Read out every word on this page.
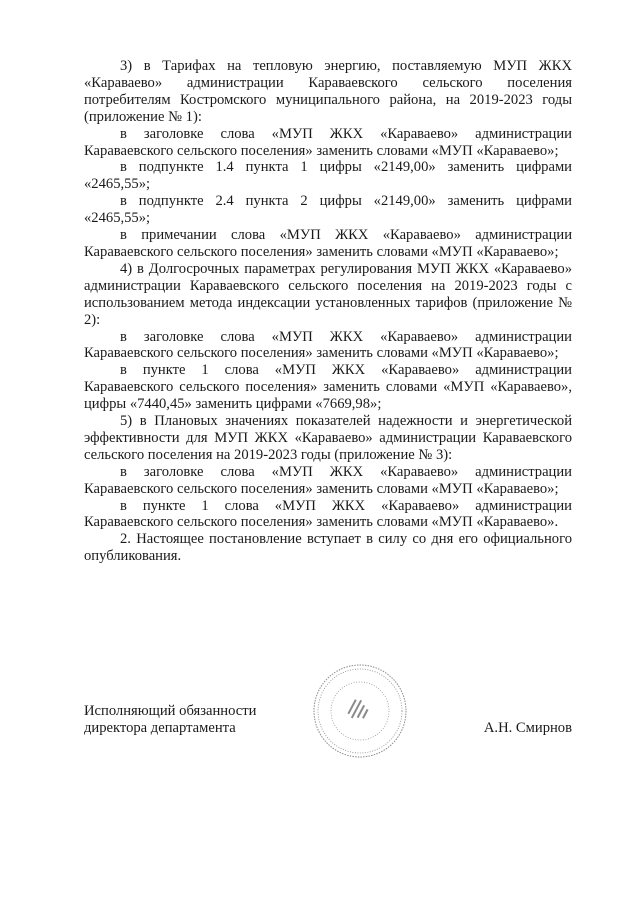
3) в Тарифах на тепловую энергию, поставляемую МУП ЖКХ «Караваево» администрации Караваевского сельского поселения потребителям Костромского муниципального района, на 2019-2023 годы (приложение № 1):

в заголовке слова «МУП ЖКХ «Караваево» администрации Караваевского сельского поселения» заменить словами «МУП «Караваево»;

в подпункте 1.4 пункта 1 цифры «2149,00» заменить цифрами «2465,55»;

в подпункте 2.4 пункта 2 цифры «2149,00» заменить цифрами «2465,55»;

в примечании слова «МУП ЖКХ «Караваево» администрации Караваевского сельского поселения» заменить словами «МУП «Караваево»;

4) в Долгосрочных параметрах регулирования МУП ЖКХ «Караваево» администрации Караваевского сельского поселения на 2019-2023 годы с использованием метода индексации установленных тарифов (приложение № 2):

в заголовке слова «МУП ЖКХ «Караваево» администрации Караваевского сельского поселения» заменить словами «МУП «Караваево»;

в пункте 1 слова «МУП ЖКХ «Караваево» администрации Караваевского сельского поселения» заменить словами «МУП «Караваево», цифры «7440,45» заменить цифрами «7669,98»;

5) в Плановых значениях показателей надежности и энергетической эффективности для МУП ЖКХ «Караваево» администрации Караваевского сельского поселения на 2019-2023 годы (приложение № 3):

в заголовке слова «МУП ЖКХ «Караваево» администрации Караваевского сельского поселения» заменить словами «МУП «Караваево»;

в пункте 1 слова «МУП ЖКХ «Караваево» администрации Караваевского сельского поселения» заменить словами «МУП «Караваево».

2. Настоящее постановление вступает в силу со дня его официального опубликования.

Исполняющий обязанности
директора департамента	А.Н. Смирнов
